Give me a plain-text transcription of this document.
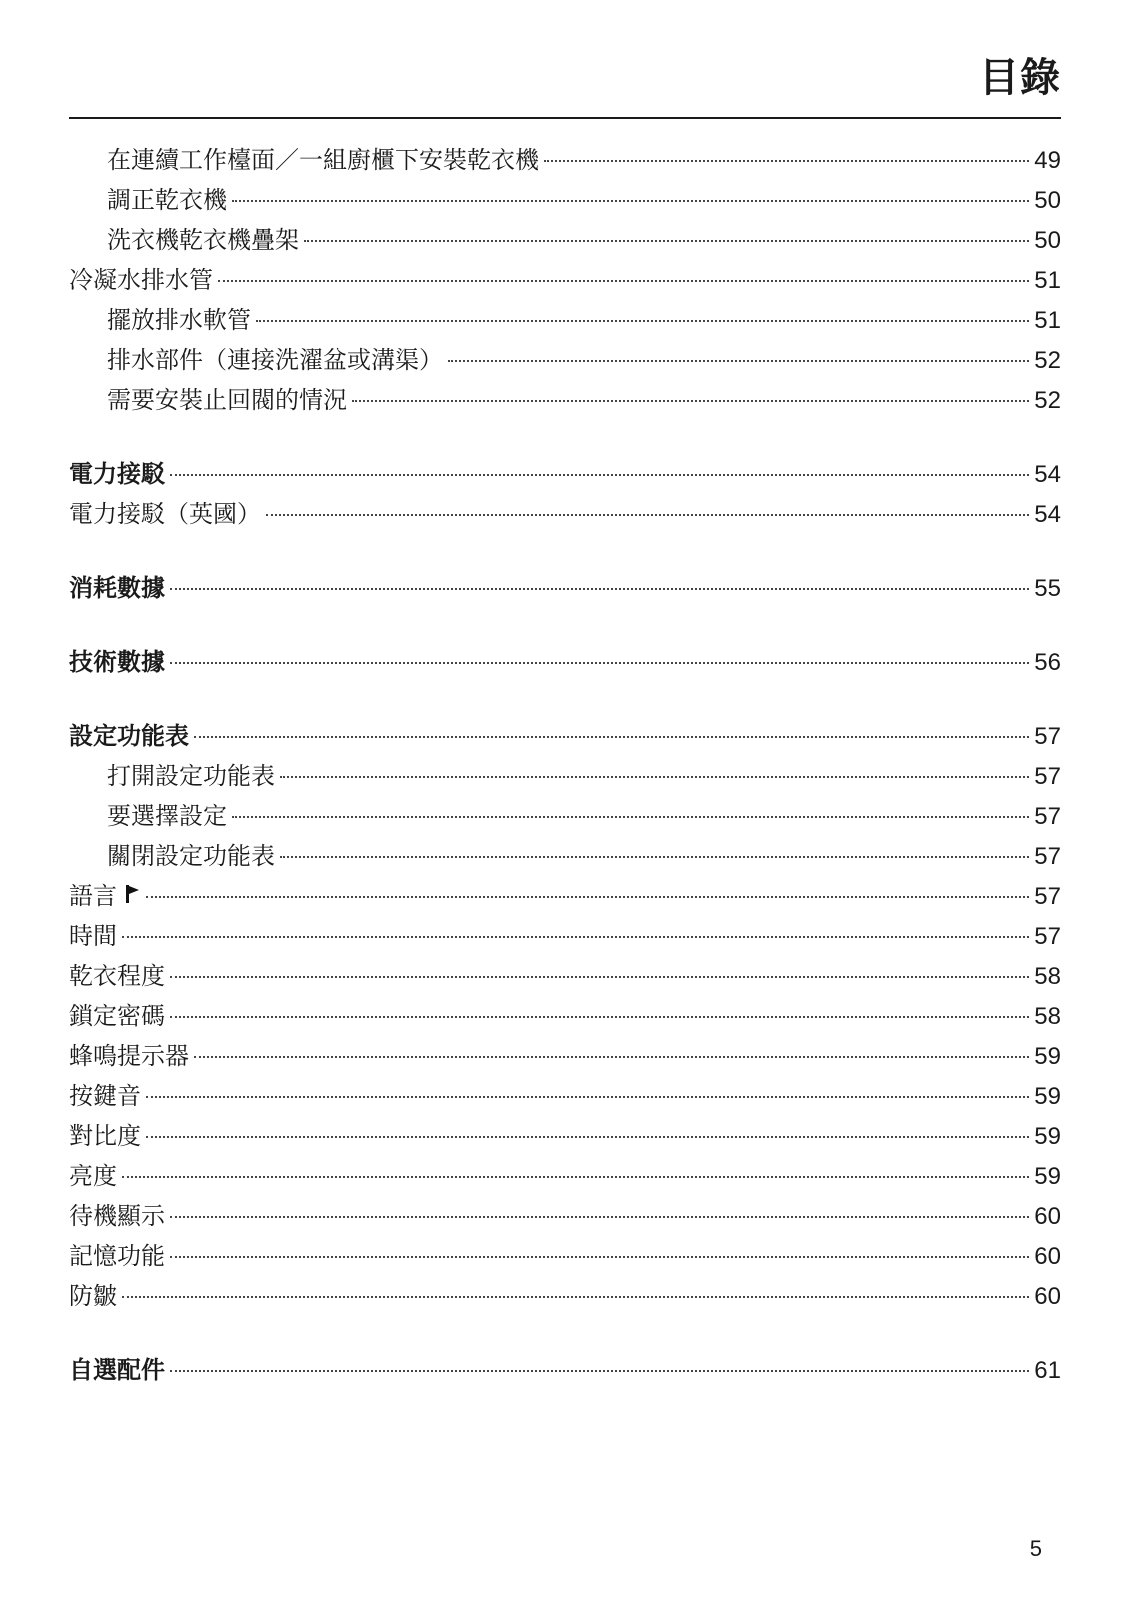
目錄
在連續工作檯面／一組廚櫃下安裝乾衣機	49
調正乾衣機	50
洗衣機乾衣機疊架	50
冷凝水排水管	51
擺放排水軟管	51
排水部件（連接洗濯盆或溝渠）	52
需要安裝止回閥的情況	52
電力接駁	54
電力接駁（英國）	54
消耗數據	55
技術數據	56
設定功能表	57
打開設定功能表	57
要選擇設定	57
關閉設定功能表	57
語言	57
時間	57
乾衣程度	58
鎖定密碼	58
蜂鳴提示器	59
按鍵音	59
對比度	59
亮度	59
待機顯示	60
記憶功能	60
防皺	60
自選配件	61
5
